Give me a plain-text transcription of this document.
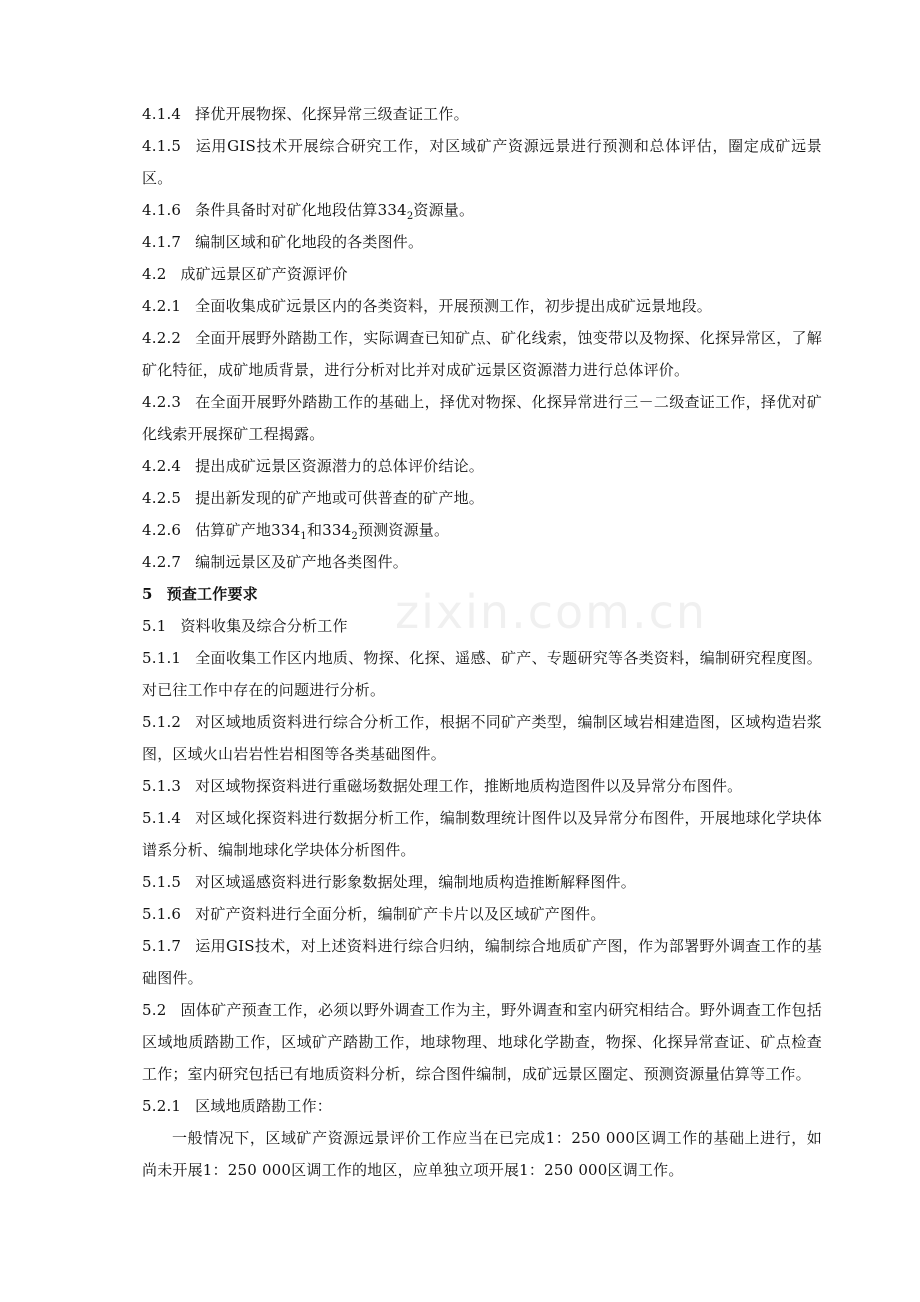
zixin.com.cn

4.1.4 择优开展物探、化探异常三级查证工作。

4.1.5 运用GIS技术开展综合研究工作，对区域矿产资源远景进行预测和总体评估，圈定成矿远景区。

4.1.6 条件具备时对矿化地段估算$334_2$资源量。

4.1.7 编制区域和矿化地段的各类图件。

4.2 成矿远景区矿产资源评价

4.2.1 全面收集成矿远景区内的各类资料，开展预测工作，初步提出成矿远景地段。

4.2.2 全面开展野外踏勘工作，实际调查已知矿点、矿化线索，蚀变带以及物探、化探异常区，了解矿化特征，成矿地质背景，进行分析对比并对成矿远景区资源潜力进行总体评价。

4.2.3 在全面开展野外踏勘工作的基础上，择优对物探、化探异常进行三－二级查证工作，择优对矿化线索开展探矿工程揭露。

4.2.4 提出成矿远景区资源潜力的总体评价结论。

4.2.5 提出新发现的矿产地或可供普查的矿产地。

4.2.6 估算矿产地$334_1$和$334_2$预测资源量。

4.2.7 编制远景区及矿产地各类图件。

5 预查工作要求

5.1 资料收集及综合分析工作

5.1.1 全面收集工作区内地质、物探、化探、遥感、矿产、专题研究等各类资料，编制研究程度图。对已往工作中存在的问题进行分析。

5.1.2 对区域地质资料进行综合分析工作，根据不同矿产类型，编制区域岩相建造图，区域构造岩浆图，区域火山岩岩性岩相图等各类基础图件。

5.1.3 对区域物探资料进行重磁场数据处理工作，推断地质构造图件以及异常分布图件。

5.1.4 对区域化探资料进行数据分析工作，编制数理统计图件以及异常分布图件，开展地球化学块体谱系分析、编制地球化学块体分析图件。

5.1.5 对区域遥感资料进行影象数据处理，编制地质构造推断解释图件。

5.1.6 对矿产资料进行全面分析，编制矿产卡片以及区域矿产图件。

5.1.7 运用GIS技术，对上述资料进行综合归纳，编制综合地质矿产图，作为部署野外调查工作的基础图件。

5.2 固体矿产预查工作，必须以野外调查工作为主，野外调查和室内研究相结合。野外调查工作包括区域地质踏勘工作，区域矿产踏勘工作，地球物理、地球化学勘查，物探、化探异常查证、矿点检查工作；室内研究包括已有地质资料分析，综合图件编制，成矿远景区圈定、预测资源量估算等工作。

5.2.1 区域地质踏勘工作：

一般情况下，区域矿产资源远景评价工作应当在已完成1：250 000区调工作的基础上进行，如尚未开展1：250 000区调工作的地区，应单独立项开展1：250 000区调工作。
